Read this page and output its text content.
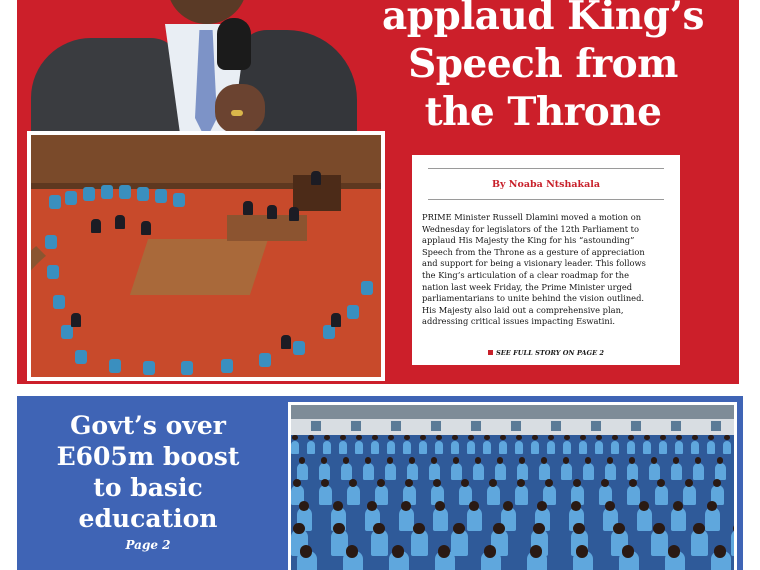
applaud King’s
Speech from
the Throne
By Noaba Ntshakala
PRIME Minister Russell Dlamini moved a motion on
Wednesday for legislators of the 12th Parliament to
applaud His Majesty the King for his “astounding”
Speech from the Throne as a gesture of appreciation
and support for being a visionary leader. This follows
the King’s articulation of a clear roadmap for the
nation last week Friday, the Prime Minister urged
parliamentarians to unite behind the vision outlined.
His Majesty also laid out a comprehensive plan,
addressing critical issues impacting Eswatini.
SEE FULL STORY ON PAGE 2
Govt’s over
E605m boost
to basic
education
Page 2
